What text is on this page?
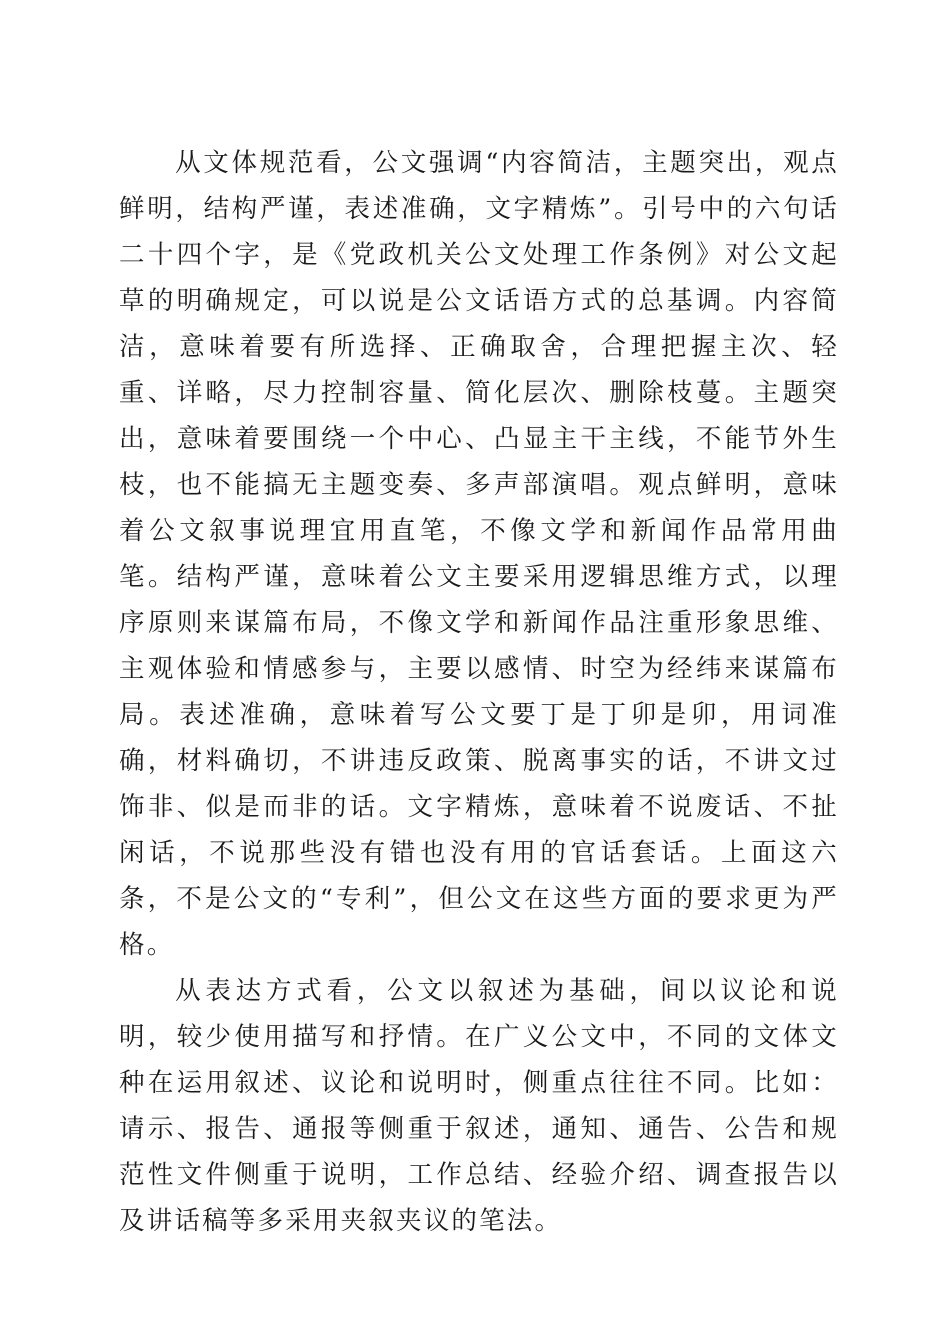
从文体规范看，公文强调“内容简洁，主题突出，观点鲜明，结构严谨，表述准确，文字精炼”。引号中的六句话二十四个字，是《党政机关公文处理工作条例》对公文起草的明确规定，可以说是公文话语方式的总基调。内容简洁，意味着要有所选择、正确取舍，合理把握主次、轻重、详略，尽力控制容量、简化层次、删除枝蔓。主题突出，意味着要围绕一个中心、凸显主干主线，不能节外生枝，也不能搞无主题变奏、多声部演唱。观点鲜明，意味着公文叙事说理宜用直笔，不像文学和新闻作品常用曲笔。结构严谨，意味着公文主要采用逻辑思维方式，以理序原则来谋篇布局，不像文学和新闻作品注重形象思维、主观体验和情感参与，主要以感情、时空为经纬来谋篇布局。表述准确，意味着写公文要丁是丁卯是卯，用词准确，材料确切，不讲违反政策、脱离事实的话，不讲文过饰非、似是而非的话。文字精炼，意味着不说废话、不扯闲话，不说那些没有错也没有用的官话套话。上面这六条，不是公文的“专利”，但公文在这些方面的要求更为严格。

从表达方式看，公文以叙述为基础，间以议论和说明，较少使用描写和抒情。在广义公文中，不同的文体文种在运用叙述、议论和说明时，侧重点往往不同。比如：请示、报告、通报等侧重于叙述，通知、通告、公告和规范性文件侧重于说明，工作总结、经验介绍、调查报告以及讲话稿等多采用夹叙夹议的笔法。
